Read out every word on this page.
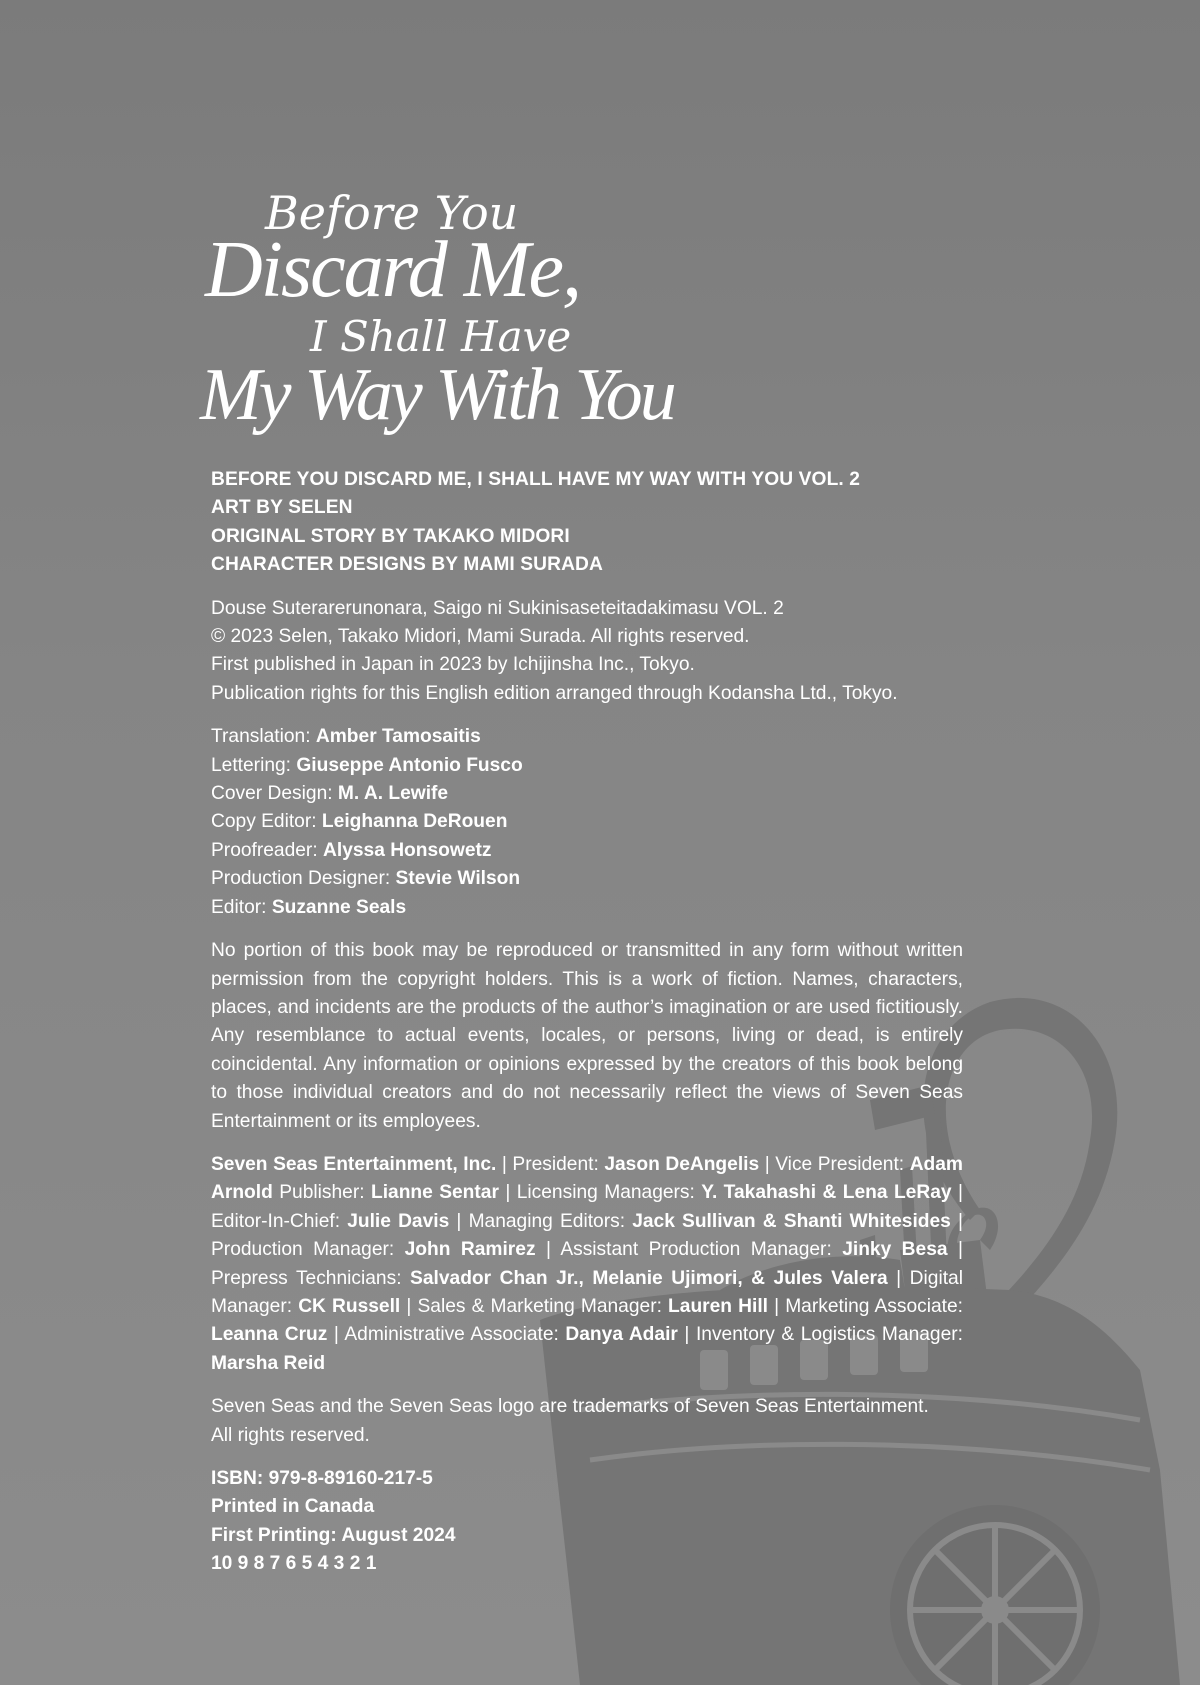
Before You
Discard Me,
I Shall Have
My Way With You

BEFORE YOU DISCARD ME, I SHALL HAVE MY WAY WITH YOU VOL. 2
ART BY SELEN
ORIGINAL STORY BY TAKAKO MIDORI
CHARACTER DESIGNS BY MAMI SURADA

Douse Suterarerunonara, Saigo ni Sukinisaseteitadakimasu VOL. 2
© 2023 Selen, Takako Midori, Mami Surada. All rights reserved.
First published in Japan in 2023 by Ichijinsha Inc., Tokyo.
Publication rights for this English edition arranged through Kodansha Ltd., Tokyo.

Translation: Amber Tamosaitis
Lettering: Giuseppe Antonio Fusco
Cover Design: M. A. Lewife
Copy Editor: Leighanna DeRouen
Proofreader: Alyssa Honsowetz
Production Designer: Stevie Wilson
Editor: Suzanne Seals

No portion of this book may be reproduced or transmitted in any form without written permission from the copyright holders. This is a work of fiction. Names, characters, places, and incidents are the products of the author’s imagination or are used fictitiously. Any resemblance to actual events, locales, or persons, living or dead, is entirely coincidental. Any information or opinions expressed by the creators of this book belong to those individual creators and do not necessarily reflect the views of Seven Seas Entertainment or its employees.

Seven Seas Entertainment, Inc. | President: Jason DeAngelis | Vice President: Adam Arnold Publisher: Lianne Sentar | Licensing Managers: Y. Takahashi & Lena LeRay | Editor-In-Chief: Julie Davis | Managing Editors: Jack Sullivan & Shanti Whitesides | Production Manager: John Ramirez | Assistant Production Manager: Jinky Besa | Prepress Technicians: Salvador Chan Jr., Melanie Ujimori, & Jules Valera | Digital Manager: CK Russell | Sales & Marketing Manager: Lauren Hill | Marketing Associate: Leanna Cruz | Administrative Associate: Danya Adair | Inventory & Logistics Manager: Marsha Reid

Seven Seas and the Seven Seas logo are trademarks of Seven Seas Entertainment.
All rights reserved.

ISBN: 979-8-89160-217-5
Printed in Canada
First Printing: August 2024
10 9 8 7 6 5 4 3 2 1
